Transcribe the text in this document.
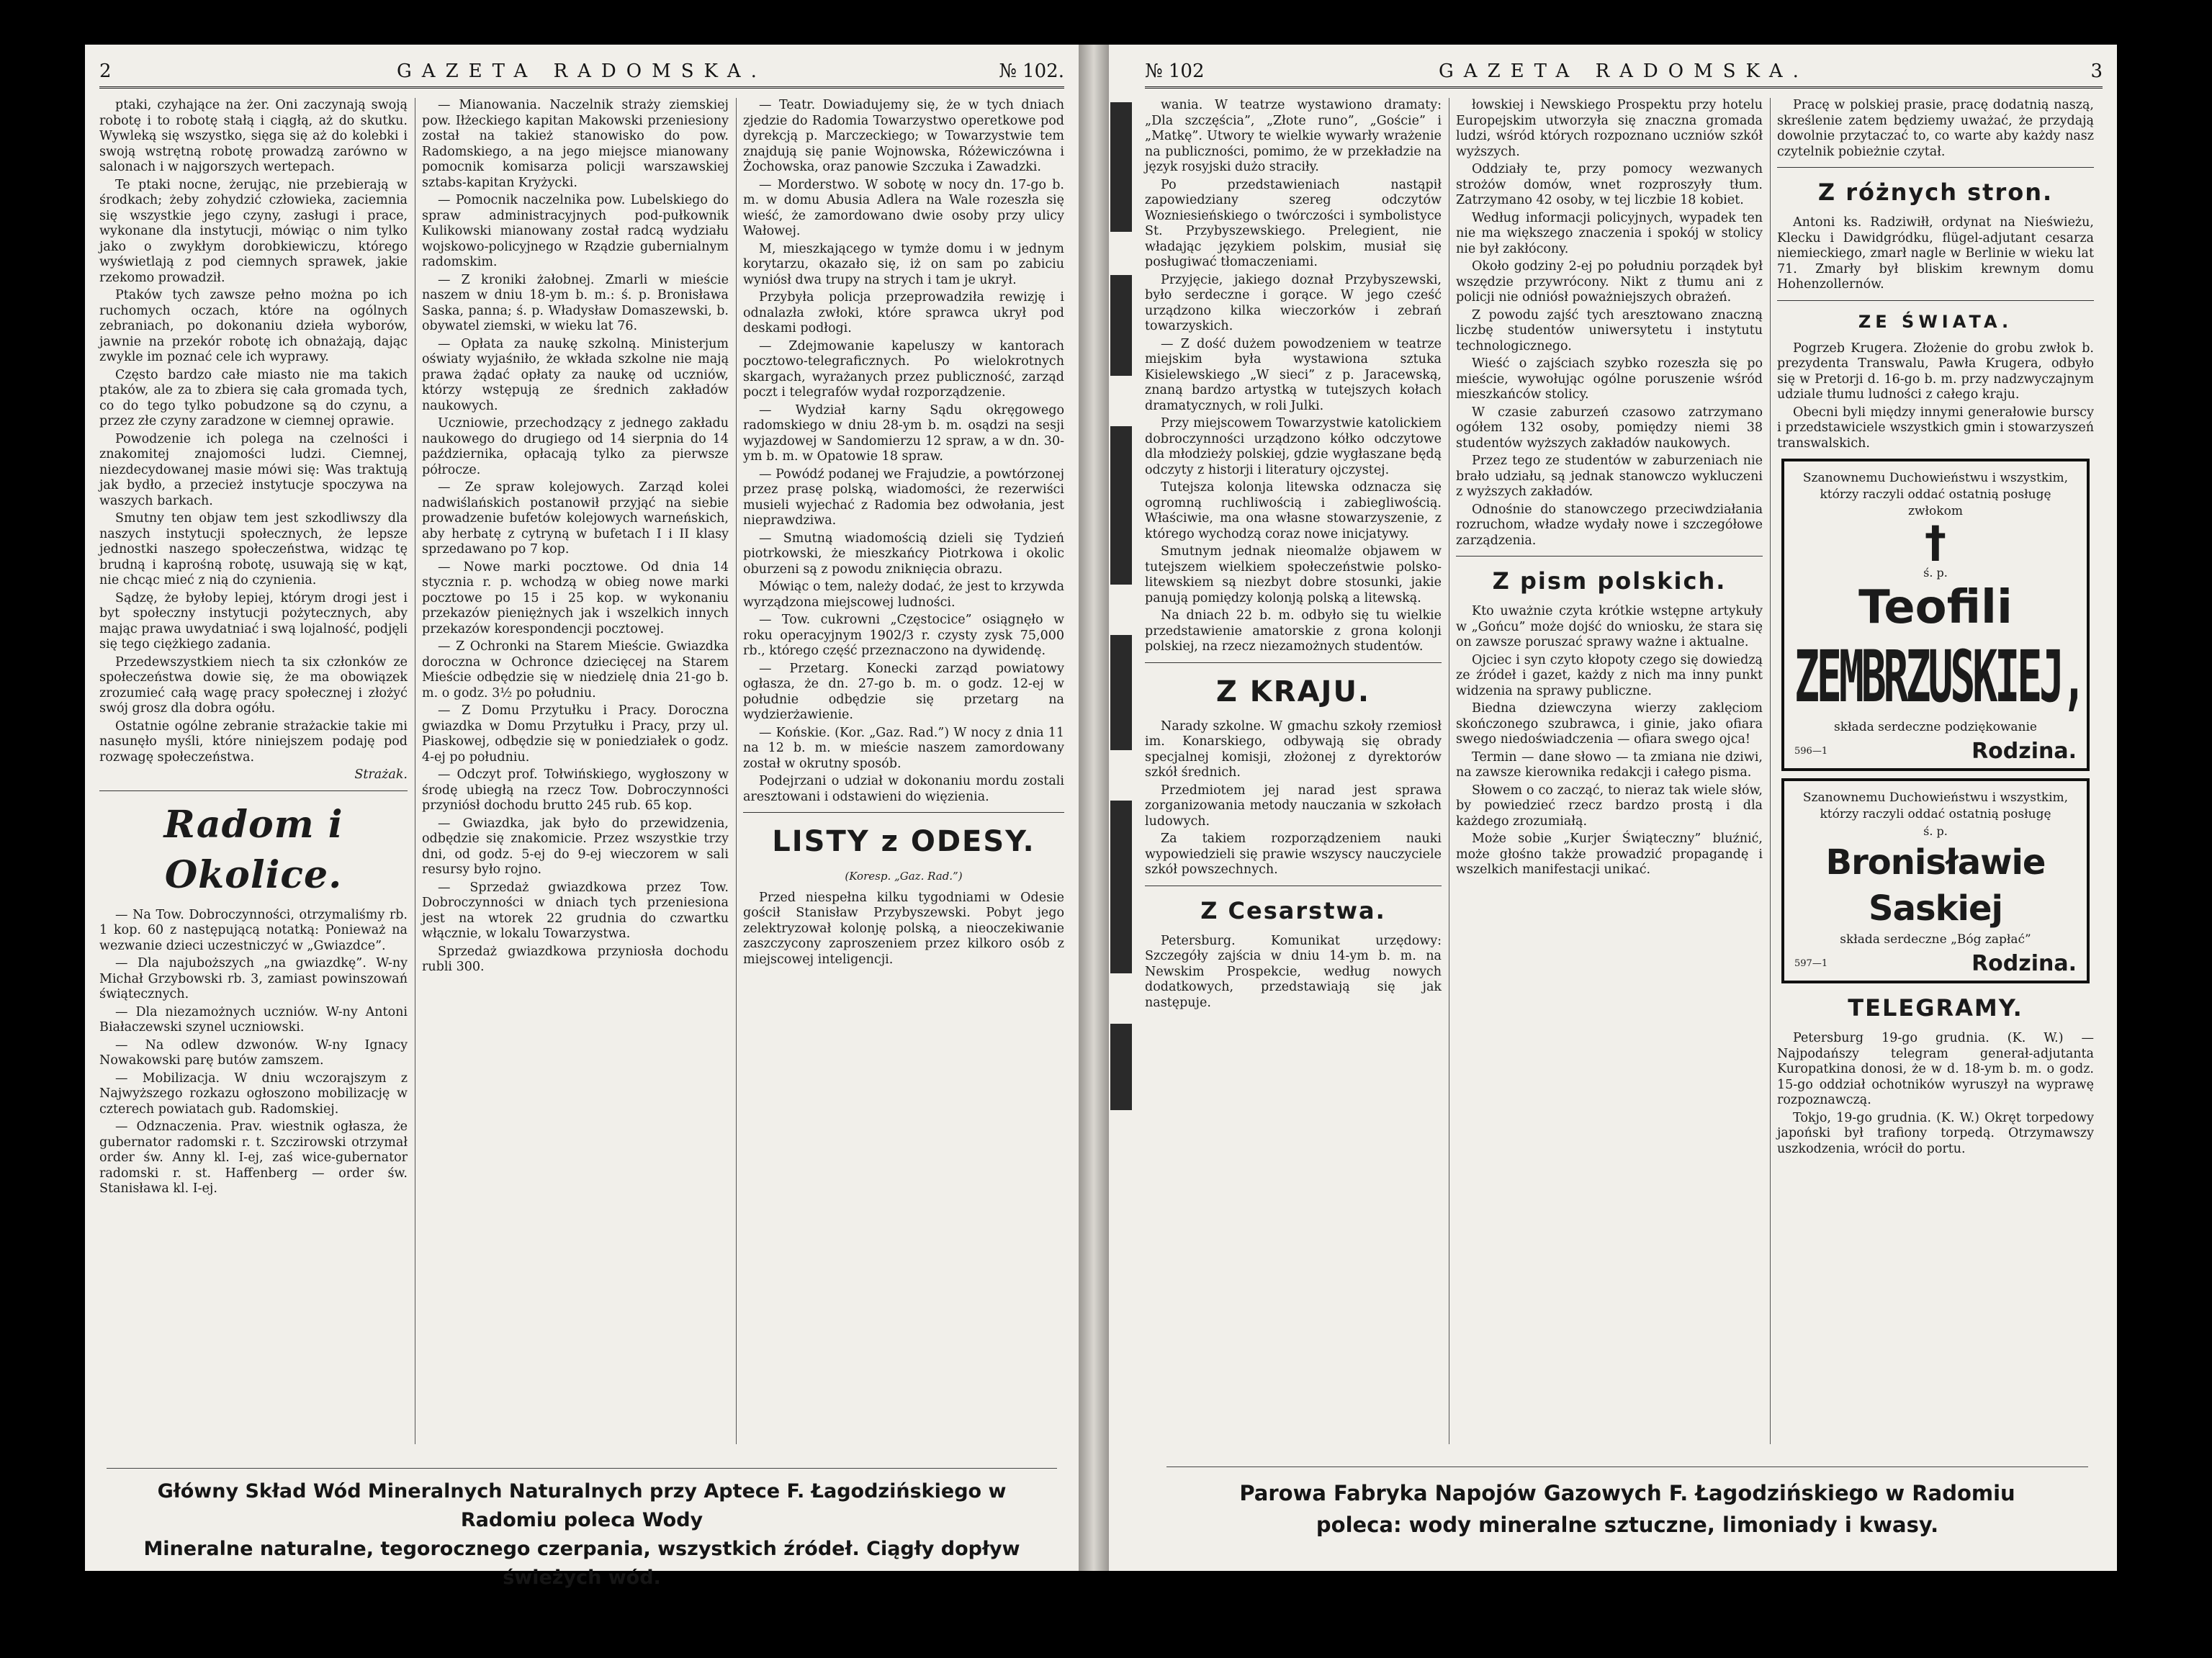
2	GAZETA RADOMSKA.	№ 102.

ptaki, czyhające na żer. Oni zaczynają swoją robotę i to robotę stałą i ciągłą, aż do skutku. Wywleką się wszystko, sięga się aż do kolebki i swoją wstrętną robotę prowadzą zarówno w salonach i w najgorszych wertepach.

Te ptaki nocne, żerując, nie przebierają w środkach; żeby zohydzić człowieka, zaciemnia się wszystkie jego czyny, zasługi i prace, wykonane dla instytucji, mówiąc o nim tylko jako o zwykłym dorobkiewiczu, którego wyświetlają z pod ciemnych sprawek, jakie rzekomo prowadził.

Ptaków tych zawsze pełno można po ich ruchomych oczach, które na ogólnych zebraniach, po dokonaniu dzieła wyborów, jawnie na przekór robotę ich obnażają, dając zwykle im poznać cele ich wyprawy.

Często bardzo całe miasto nie ma takich ptaków, ale za to zbiera się cała gromada tych, co do tego tylko pobudzone są do czynu, a przez złe czyny zaradzone w ciemnej oprawie.

Powodzenie ich polega na czelności i znakomitej znajomości ludzi. Ciemnej, niezdecydowanej masie mówi się: Was traktują jak bydło, a przecież instytucje spoczywa na waszych barkach.

Smutny ten objaw tem jest szkodliwszy dla naszych instytucji społecznych, że lepsze jednostki naszego społeczeństwa, widząc tę brudną i kaprośną robotę, usuwają się w kąt, nie chcąc mieć z nią do czynienia.

Sądzę, że byłoby lepiej, którym drogi jest i byt społeczny instytucji pożytecznych, aby mając prawa uwydatniać i swą lojalność, podjęli się tego ciężkiego zadania.

Przedewszystkiem niech ta six członków ze społeczeństwa dowie się, że ma obowiązek zrozumieć całą wagę pracy społecznej i złożyć swój grosz dla dobra ogółu.

Ostatnie ogólne zebranie strażackie takie mi nasunęło myśli, które niniejszem podaję pod rozwagę społeczeństwa.

Strażak.
Radom i Okolice.

— Na Tow. Dobroczynności, otrzymaliśmy rb. 1 kop. 60 z następującą notatką: Ponieważ na wezwanie dzieci uczestniczyć w „Gwiazdce”.

— Dla najuboższych „na gwiazdkę”. W-ny Michał Grzybowski rb. 3, zamiast powinszowań świątecznych.

— Dla niezamożnych uczniów. W-ny Antoni Białaczewski szynel uczniowski.

— Na odlew dzwonów. W-ny Ignacy Nowakowski parę butów zamszem.

— Mobilizacja. W dniu wczorajszym z Najwyższego rozkazu ogłoszono mobilizację w czterech powiatach gub. Radomskiej.

— Odznaczenia. Prav. wiestnik ogłasza, że gubernator radomski r. t. Szczirowski otrzymał order św. Anny kl. I-ej, zaś wice-gubernator radomski r. st. Haffenberg — order św. Stanisława kl. I-ej.

— Mianowania. Naczelnik straży ziemskiej pow. Iłżeckiego kapitan Makowski przeniesiony został na takież stanowisko do pow. Radomskiego, a na jego miejsce mianowany pomocnik komisarza policji warszawskiej sztabs-kapitan Kryżycki.

— Pomocnik naczelnika pow. Lubelskiego do spraw administracyjnych pod-pułkownik Kulikowski mianowany został radcą wydziału wojskowo-policyjnego w Rządzie gubernialnym radomskim.

— Z kroniki żałobnej. Zmarli w mieście naszem w dniu 18-ym b. m.: ś. p. Bronisława Saska, panna; ś. p. Władysław Domaszewski, b. obywatel ziemski, w wieku lat 76.

— Opłata za naukę szkolną. Ministerjum oświaty wyjaśniło, że wkłada szkolne nie mają prawa żądać opłaty za naukę od uczniów, którzy wstępują ze średnich zakładów naukowych.

Uczniowie, przechodzący z jednego zakładu naukowego do drugiego od 14 sierpnia do 14 października, opłacają tylko za pierwsze półrocze.

— Ze spraw kolejowych. Zarząd kolei nadwiślańskich postanowił przyjąć na siebie prowadzenie bufetów kolejowych warneńskich, aby herbatę z cytryną w bufetach I i II klasy sprzedawano po 7 kop.

— Nowe marki pocztowe. Od dnia 14 stycznia r. p. wchodzą w obieg nowe marki pocztowe po 15 i 25 kop. w wykonaniu przekazów pieniężnych jak i wszelkich innych przekazów korespondencji pocztowej.

— Z Ochronki na Starem Mieście. Gwiazdka doroczna w Ochronce dziecięcej na Starem Mieście odbędzie się w niedzielę dnia 21-go b. m. o godz. 3½ po południu.

— Z Domu Przytułku i Pracy. Doroczna gwiazdka w Domu Przytułku i Pracy, przy ul. Piaskowej, odbędzie się w poniedziałek o godz. 4-ej po południu.

— Odczyt prof. Tołwińskiego, wygłoszony w środę ubiegłą na rzecz Tow. Dobroczynności przyniósł dochodu brutto 245 rub. 65 kop.

— Gwiazdka, jak było do przewidzenia, odbędzie się znakomicie. Przez wszystkie trzy dni, od godz. 5-ej do 9-ej wieczorem w sali resursy było rojno.

— Sprzedaż gwiazdkowa przez Tow. Dobroczynności w dniach tych przeniesiona jest na wtorek 22 grudnia do czwartku włącznie, w lokalu Towarzystwa.

Sprzedaż gwiazdkowa przyniosła dochodu rubli 300.

— Teatr. Dowiadujemy się, że w tych dniach zjedzie do Radomia Towarzystwo operetkowe pod dyrekcją p. Marczeckiego; w Towarzystwie tem znajdują się panie Wojnowska, Różewiczówna i Żochowska, oraz panowie Szczuka i Zawadzki.

— Morderstwo. W sobotę w nocy dn. 17-go b. m. w domu Abusia Adlera na Wale rozeszła się wieść, że zamordowano dwie osoby przy ulicy Wałowej.

M, mieszkającego w tymże domu i w jednym korytarzu, okazało się, iż on sam po zabiciu wyniósł dwa trupy na strych i tam je ukrył.

Przybyła policja przeprowadziła rewizję i odnalazła zwłoki, które sprawca ukrył pod deskami podłogi.

— Zdejmowanie kapeluszy w kantorach pocztowo-telegraficznych. Po wielokrotnych skargach, wyrażanych przez publiczność, zarząd poczt i telegrafów wydał rozporządzenie.

— Wydział karny Sądu okręgowego radomskiego w dniu 28-ym b. m. osądzi na sesji wyjazdowej w Sandomierzu 12 spraw, a w dn. 30-ym b. m. w Opatowie 18 spraw.

— Powódź podanej we Frajudzie, a powtórzonej przez prasę polską, wiadomości, że rezerwiści musieli wyjechać z Radomia bez odwołania, jest nieprawdziwa.

— Smutną wiadomością dzieli się Tydzień piotrkowski, że mieszkańcy Piotrkowa i okolic oburzeni są z powodu zniknięcia obrazu.

Mówiąc o tem, należy dodać, że jest to krzywda wyrządzona miejscowej ludności.

— Tow. cukrowni „Częstocice” osiągnęło w roku operacyjnym 1902/3 r. czysty zysk 75,000 rb., którego część przeznaczono na dywidendę.

— Przetarg. Konecki zarząd powiatowy ogłasza, że dn. 27-go b. m. o godz. 12-ej w południe odbędzie się przetarg na wydzierżawienie.

— Końskie. (Kor. „Gaz. Rad.”) W nocy z dnia 11 na 12 b. m. w mieście naszem zamordowany został w okrutny sposób.

Podejrzani o udział w dokonaniu mordu zostali aresztowani i odstawieni do więzienia.

LISTY z ODESY.
(Koresp. „Gaz. Rad.”)

Przed niespełna kilku tygodniami w Odesie gościł Stanisław Przybyszewski. Pobyt jego zelektryzował kolonję polską, a nieoczekiwanie zaszczycony zaproszeniem przez kilkoro osób z miejscowej inteligencji.

Główny Skład Wód Mineralnych Naturalnych przy Aptece F. Łagodzińskiego w Radomiu poleca Wody
Mineralne naturalne, tegorocznego czerpania, wszystkich źródeł. Ciągły dopływ świeżych wód.
№ 102	GAZETA RADOMSKA.	3

wania. W teatrze wystawiono dramaty: „Dla szczęścia”, „Złote runo”, „Goście” i „Matkę”. Utwory te wielkie wywarły wrażenie na publiczności, pomimo, że w przekładzie na język rosyjski dużo straciły.

Po przedstawieniach nastąpił zapowiedziany szereg odczytów Wozniesieńskiego o twórczości i symbolistyce St. Przybyszewskiego. Prelegient, nie władając językiem polskim, musiał się posługiwać tłomaczeniami.

Przyjęcie, jakiego doznał Przybyszewski, było serdeczne i gorące. W jego cześć urządzono kilka wieczorków i zebrań towarzyskich.

— Z dość dużem powodzeniem w teatrze miejskim była wystawiona sztuka Kisielewskiego „W sieci” z p. Jaracewską, znaną bardzo artystką w tutejszych kołach dramatycznych, w roli Julki.

Przy miejscowem Towarzystwie katolickiem dobroczynności urządzono kółko odczytowe dla młodzieży polskiej, gdzie wygłaszane będą odczyty z historji i literatury ojczystej.

Tutejsza kolonja litewska odznacza się ogromną ruchliwością i zabiegliwością. Właściwie, ma ona własne stowarzyszenie, z którego wychodzą coraz nowe inicjatywy.

Smutnym jednak nieomalże objawem w tutejszem wielkiem społeczeństwie polsko-litewskiem są niezbyt dobre stosunki, jakie panują pomiędzy kolonją polską a litewską.

Na dniach 22 b. m. odbyło się tu wielkie przedstawienie amatorskie z grona kolonji polskiej, na rzecz niezamożnych studentów.

Z KRAJU.

Narady szkolne. W gmachu szkoły rzemiosł im. Konarskiego, odbywają się obrady specjalnej komisji, złożonej z dyrektorów szkół średnich.

Przedmiotem jej narad jest sprawa zorganizowania metody nauczania w szkołach ludowych.

Za takiem rozporządzeniem nauki wypowiedzieli się prawie wszyscy nauczyciele szkół powszechnych.

Z Cesarstwa.

Petersburg. Komunikat urzędowy: Szczegóły zajścia w dniu 14-ym b. m. na Newskim Prospekcie, według nowych dodatkowych, przedstawiają się jak następuje.

łowskiej i Newskiego Prospektu przy hotelu Europejskim utworzyła się znaczna gromada ludzi, wśród których rozpoznano uczniów szkół wyższych.

Oddziały te, przy pomocy wezwanych strożów domów, wnet rozproszyły tłum. Zatrzymano 42 osoby, w tej liczbie 18 kobiet.

Według informacji policyjnych, wypadek ten nie ma większego znaczenia i spokój w stolicy nie był zakłócony.

Około godziny 2-ej po południu porządek był wszędzie przywrócony. Nikt z tłumu ani z policji nie odniósł poważniejszych obrażeń.

Z powodu zajść tych aresztowano znaczną liczbę studentów uniwersytetu i instytutu technologicznego.

Wieść o zajściach szybko rozeszła się po mieście, wywołując ogólne poruszenie wśród mieszkańców stolicy.

W czasie zaburzeń czasowo zatrzymano ogółem 132 osoby, pomiędzy niemi 38 studentów wyższych zakładów naukowych.

Przez tego ze studentów w zaburzeniach nie brało udziału, są jednak stanowczo wykluczeni z wyższych zakładów.

Odnośnie do stanowczego przeciwdziałania rozruchom, władze wydały nowe i szczegółowe zarządzenia.

Z pism polskich.

Kto uważnie czyta krótkie wstępne artykuły w „Gońcu” może dojść do wniosku, że stara się on zawsze poruszać sprawy ważne i aktualne.

Ojciec i syn czyto kłopoty czego się dowiedzą ze źródeł i gazet, każdy z nich ma inny punkt widzenia na sprawy publiczne.

Biedna dziewczyna wierzy zaklęciom skończonego szubrawca, i ginie, jako ofiara swego niedoświadczenia — ofiara swego ojca!

Termin — dane słowo — ta zmiana nie dziwi, na zawsze kierownika redakcji i całego pisma.

Słowem o co zacząć, to nieraz tak wiele słów, by powiedzieć rzecz bardzo prostą i dla każdego zrozumiałą.

Może sobie „Kurjer Świąteczny” bluźnić, może głośno także prowadzić propagandę i wszelkich manifestacji unikać.

Pracę w polskiej prasie, pracę dodatnią naszą, skreślenie zatem będziemy uważać, że przydają dowolnie przytaczać to, co warte aby każdy nasz czytelnik pobieżnie czytał.

Z różnych stron.

Antoni ks. Radziwiłł, ordynat na Nieświeżu, Klecku i Dawidgródku, flügel-adjutant cesarza niemieckiego, zmarł nagle w Berlinie w wieku lat 71. Zmarły był bliskim krewnym domu Hohenzollernów.

ZE ŚWIATA.

Pogrzeb Krugera. Złożenie do grobu zwłok b. prezydenta Transwalu, Pawła Krugera, odbyło się w Pretorji d. 16-go b. m. przy nadzwyczajnym udziale tłumu ludności z całego kraju.

Obecni byli między innymi generałowie burscy i przedstawiciele wszystkich gmin i stowarzyszeń transwalskich.

Szanownemu Duchowieństwu i wszystkim, którzy raczyli oddać ostatnią posługę zwłokom
†
ś. p.
Teofili
ZEMBRZUSKIEJ,
składa serdeczne podziękowanie
596—1	Rodzina.
Szanownemu Duchowieństwu i wszystkim, którzy raczyli oddać ostatnią posługę
ś. p.
Bronisławie Saskiej
składa serdeczne „Bóg zapłać”
597—1	Rodzina.
TELEGRAMY.

Petersburg 19-go grudnia. (K. W.) — Najpodańszy telegram generał-adjutanta Kuropatkina donosi, że w d. 18-ym b. m. o godz. 15-go oddział ochotników wyruszył na wyprawę rozpoznawczą.

Tokjo, 19-go grudnia. (K. W.) Okręt torpedowy japoński był trafiony torpedą. Otrzymawszy uszkodzenia, wrócił do portu.

Parowa Fabryka Napojów Gazowych F. Łagodzińskiego w Radomiu
poleca: wody mineralne sztuczne, limoniady i kwasy.
